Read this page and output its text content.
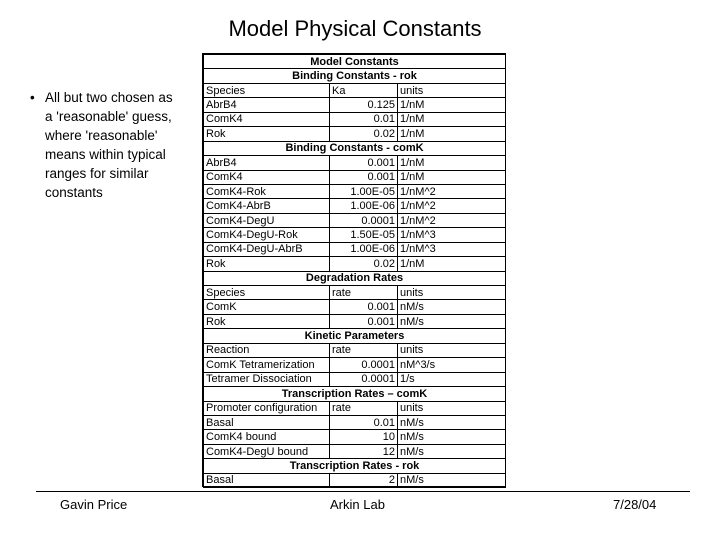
Model Physical Constants
• All but two chosen as a 'reasonable' guess, where 'reasonable' means within typical ranges for similar constants
Model Constants		
Binding Constants - rok		
Species	Ka	units
AbrB4	0.125	1/nM
ComK4	0.01	1/nM
Rok	0.02	1/nM
Binding Constants - comK		
AbrB4	0.001	1/nM
ComK4	0.001	1/nM
ComK4-Rok	1.00E-05	1/nM^2
ComK4-AbrB	1.00E-06	1/nM^2
ComK4-DegU	0.0001	1/nM^2
ComK4-DegU-Rok	1.50E-05	1/nM^3
ComK4-DegU-AbrB	1.00E-06	1/nM^3
Rok	0.02	1/nM
Degradation Rates		
Species	rate	units
ComK	0.001	nM/s
Rok	0.001	nM/s
Kinetic Parameters		
Reaction	rate	units
ComK Tetramerization	0.0001	nM^3/s
Tetramer Dissociation	0.0001	1/s
Transcription Rates – comK		
Promoter configuration	rate	units
Basal	0.01	nM/s
ComK4 bound	10	nM/s
ComK4-DegU bound	12	nM/s
Transcription Rates - rok		
Basal	2	nM/s
Gavin Price	Arkin Lab	7/28/04
